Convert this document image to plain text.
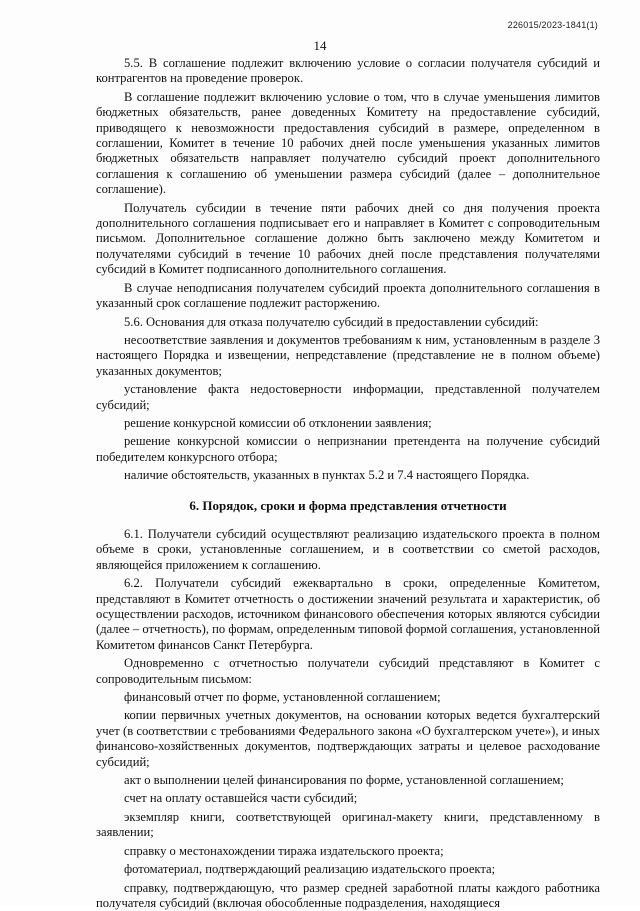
226015/2023-1841(1)
14

5.5. В соглашение подлежит включению условие о согласии получателя субсидий и контрагентов на проведение проверок.

В соглашение подлежит включению условие о том, что в случае уменьшения лимитов бюджетных обязательств, ранее доведенных Комитету на предоставление субсидий, приводящего к невозможности предоставления субсидий в размере, определенном в соглашении, Комитет в течение 10 рабочих дней после уменьшения указанных лимитов бюджетных обязательств направляет получателю субсидий проект дополнительного соглашения к соглашению об уменьшении размера субсидий (далее – дополнительное соглашение).

Получатель субсидии в течение пяти рабочих дней со дня получения проекта дополнительного соглашения подписывает его и направляет в Комитет с сопроводительным письмом. Дополнительное соглашение должно быть заключено между Комитетом и получателями субсидий в течение 10 рабочих дней после представления получателями субсидий в Комитет подписанного дополнительного соглашения.

В случае неподписания получателем субсидий проекта дополнительного соглашения в указанный срок соглашение подлежит расторжению.

5.6. Основания для отказа получателю субсидий в предоставлении субсидий:

несоответствие заявления и документов требованиям к ним, установленным в разделе 3 настоящего Порядка и извещении, непредставление (представление не в полном объеме) указанных документов;

установление факта недостоверности информации, представленной получателем субсидий;

решение конкурсной комиссии об отклонении заявления;

решение конкурсной комиссии о непризнании претендента на получение субсидий победителем конкурсного отбора;

наличие обстоятельств, указанных в пунктах 5.2 и 7.4 настоящего Порядка.

6. Порядок, сроки и форма представления отчетности

6.1. Получатели субсидий осуществляют реализацию издательского проекта в полном объеме в сроки, установленные соглашением, и в соответствии со сметой расходов, являющейся приложением к соглашению.

6.2. Получатели субсидий ежеквартально в сроки, определенные Комитетом, представляют в Комитет отчетность о достижении значений результата и характеристик, об осуществлении расходов, источником финансового обеспечения которых являются субсидии (далее – отчетность), по формам, определенным типовой формой соглашения, установленной Комитетом финансов Санкт Петербурга.

Одновременно с отчетностью получатели субсидий представляют в Комитет с сопроводительным письмом:

финансовый отчет по форме, установленной соглашением;

копии первичных учетных документов, на основании которых ведется бухгалтерский учет (в соответствии с требованиями Федерального закона «О бухгалтерском учете»), и иных финансово-хозяйственных документов, подтверждающих затраты и целевое расходование субсидий;

акт о выполнении целей финансирования по форме, установленной соглашением;

счет на оплату оставшейся части субсидий;

экземпляр книги, соответствующей оригинал-макету книги, представленному в заявлении;

справку о местонахождении тиража издательского проекта;

фотоматериал, подтверждающий реализацию издательского проекта;

справку, подтверждающую, что размер средней заработной платы каждого работника получателя субсидий (включая обособленные подразделения, находящиеся
